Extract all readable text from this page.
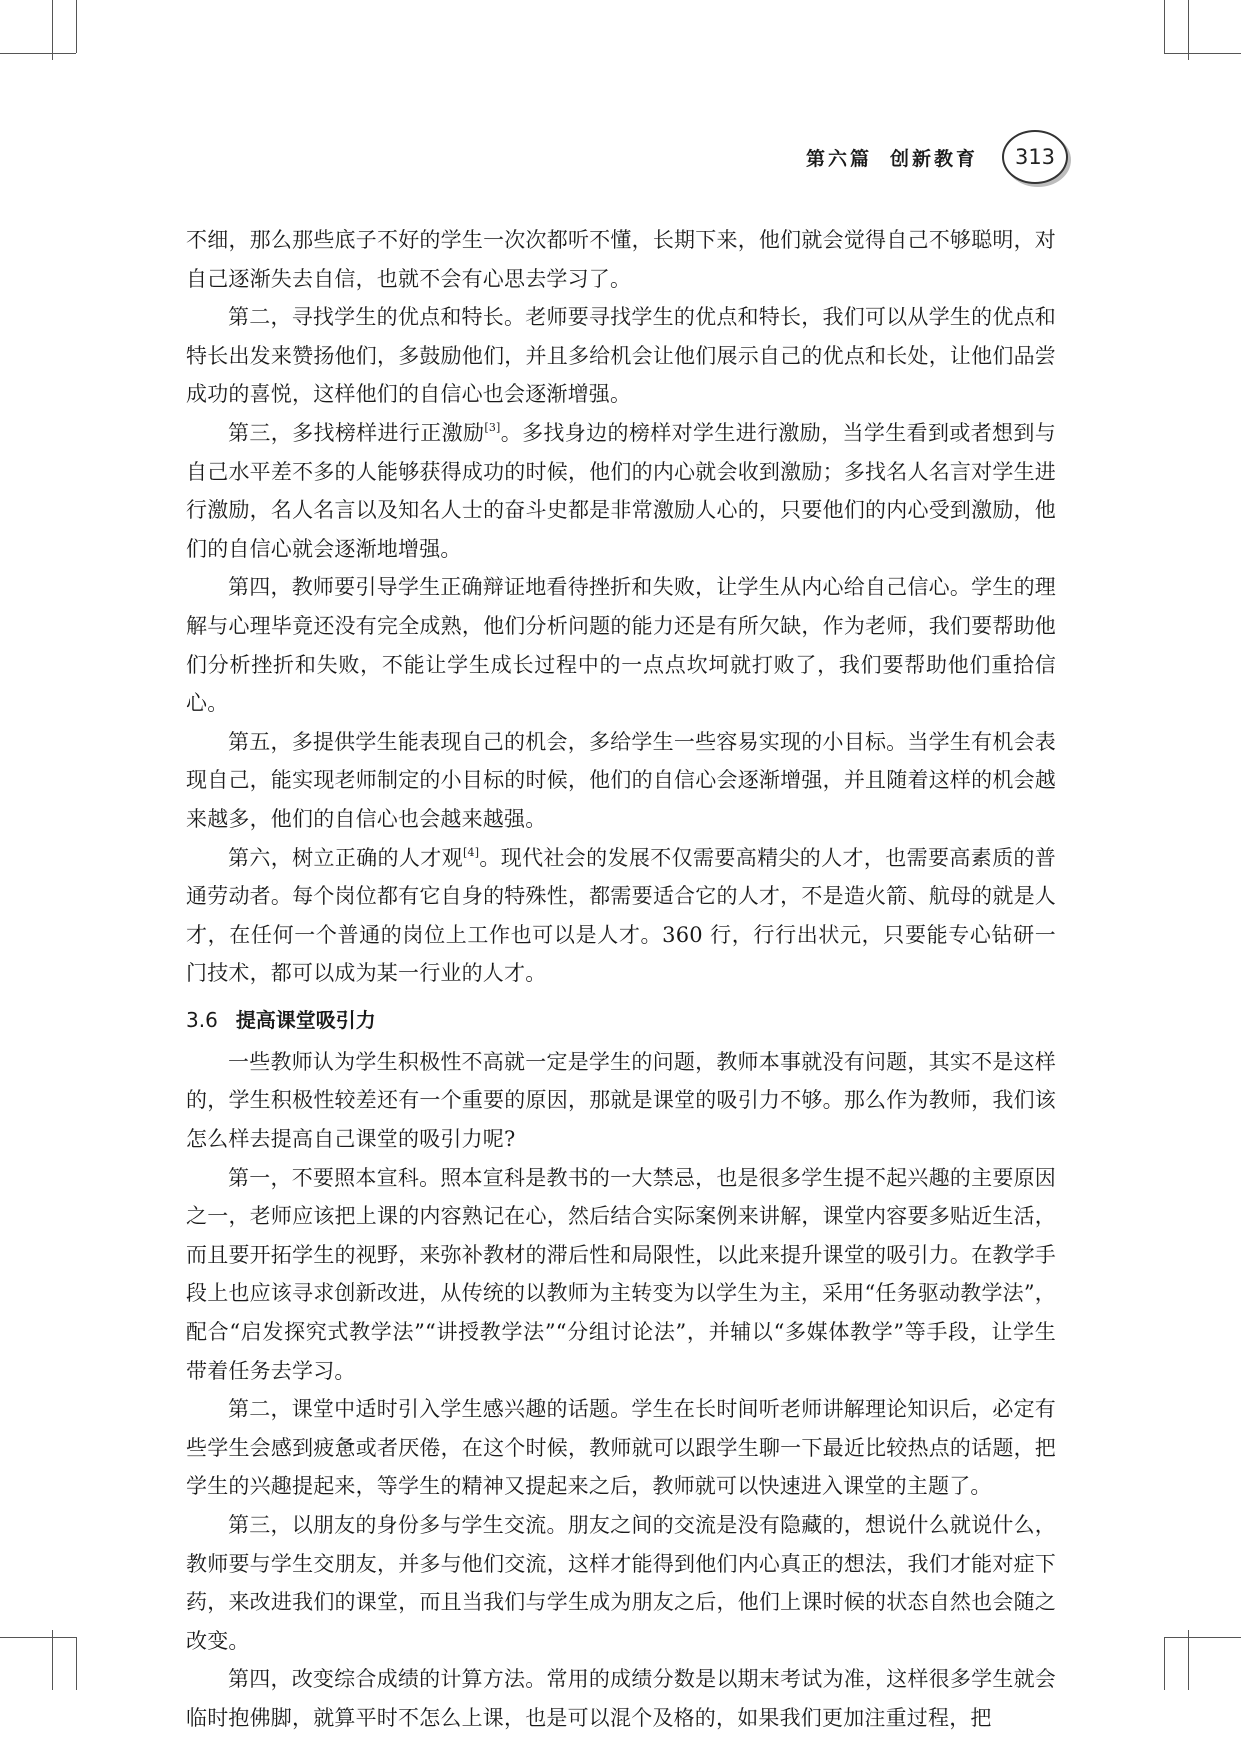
第六篇 创新教育	313

不细，那么那些底子不好的学生一次次都听不懂，长期下来，他们就会觉得自己不够聪明，对自己逐渐失去自信，也就不会有心思去学习了。

第二，寻找学生的优点和特长。老师要寻找学生的优点和特长，我们可以从学生的优点和特长出发来赞扬他们，多鼓励他们，并且多给机会让他们展示自己的优点和长处，让他们品尝成功的喜悦，这样他们的自信心也会逐渐增强。

第三，多找榜样进行正激励[3]。多找身边的榜样对学生进行激励，当学生看到或者想到与自己水平差不多的人能够获得成功的时候，他们的内心就会收到激励；多找名人名言对学生进行激励，名人名言以及知名人士的奋斗史都是非常激励人心的，只要他们的内心受到激励，他们的自信心就会逐渐地增强。

第四，教师要引导学生正确辩证地看待挫折和失败，让学生从内心给自己信心。学生的理解与心理毕竟还没有完全成熟，他们分析问题的能力还是有所欠缺，作为老师，我们要帮助他们分析挫折和失败，不能让学生成长过程中的一点点坎坷就打败了，我们要帮助他们重拾信心。

第五，多提供学生能表现自己的机会，多给学生一些容易实现的小目标。当学生有机会表现自己，能实现老师制定的小目标的时候，他们的自信心会逐渐增强，并且随着这样的机会越来越多，他们的自信心也会越来越强。

第六，树立正确的人才观[4]。现代社会的发展不仅需要高精尖的人才，也需要高素质的普通劳动者。每个岗位都有它自身的特殊性，都需要适合它的人才，不是造火箭、航母的就是人才，在任何一个普通的岗位上工作也可以是人才。360 行，行行出状元，只要能专心钻研一门技术，都可以成为某一行业的人才。

3.6 提高课堂吸引力

一些教师认为学生积极性不高就一定是学生的问题，教师本事就没有问题，其实不是这样的，学生积极性较差还有一个重要的原因，那就是课堂的吸引力不够。那么作为教师，我们该怎么样去提高自己课堂的吸引力呢?

第一，不要照本宣科。照本宣科是教书的一大禁忌，也是很多学生提不起兴趣的主要原因之一，老师应该把上课的内容熟记在心，然后结合实际案例来讲解，课堂内容要多贴近生活，而且要开拓学生的视野，来弥补教材的滞后性和局限性，以此来提升课堂的吸引力。在教学手段上也应该寻求创新改进，从传统的以教师为主转变为以学生为主，采用“任务驱动教学法”，配合“启发探究式教学法”“讲授教学法”“分组讨论法”，并辅以“多媒体教学”等手段，让学生带着任务去学习。

第二，课堂中适时引入学生感兴趣的话题。学生在长时间听老师讲解理论知识后，必定有些学生会感到疲惫或者厌倦，在这个时候，教师就可以跟学生聊一下最近比较热点的话题，把学生的兴趣提起来，等学生的精神又提起来之后，教师就可以快速进入课堂的主题了。

第三，以朋友的身份多与学生交流。朋友之间的交流是没有隐藏的，想说什么就说什么，教师要与学生交朋友，并多与他们交流，这样才能得到他们内心真正的想法，我们才能对症下药，来改进我们的课堂，而且当我们与学生成为朋友之后，他们上课时候的状态自然也会随之改变。

第四，改变综合成绩的计算方法。常用的成绩分数是以期末考试为准，这样很多学生就会临时抱佛脚，就算平时不怎么上课，也是可以混个及格的，如果我们更加注重过程，把
